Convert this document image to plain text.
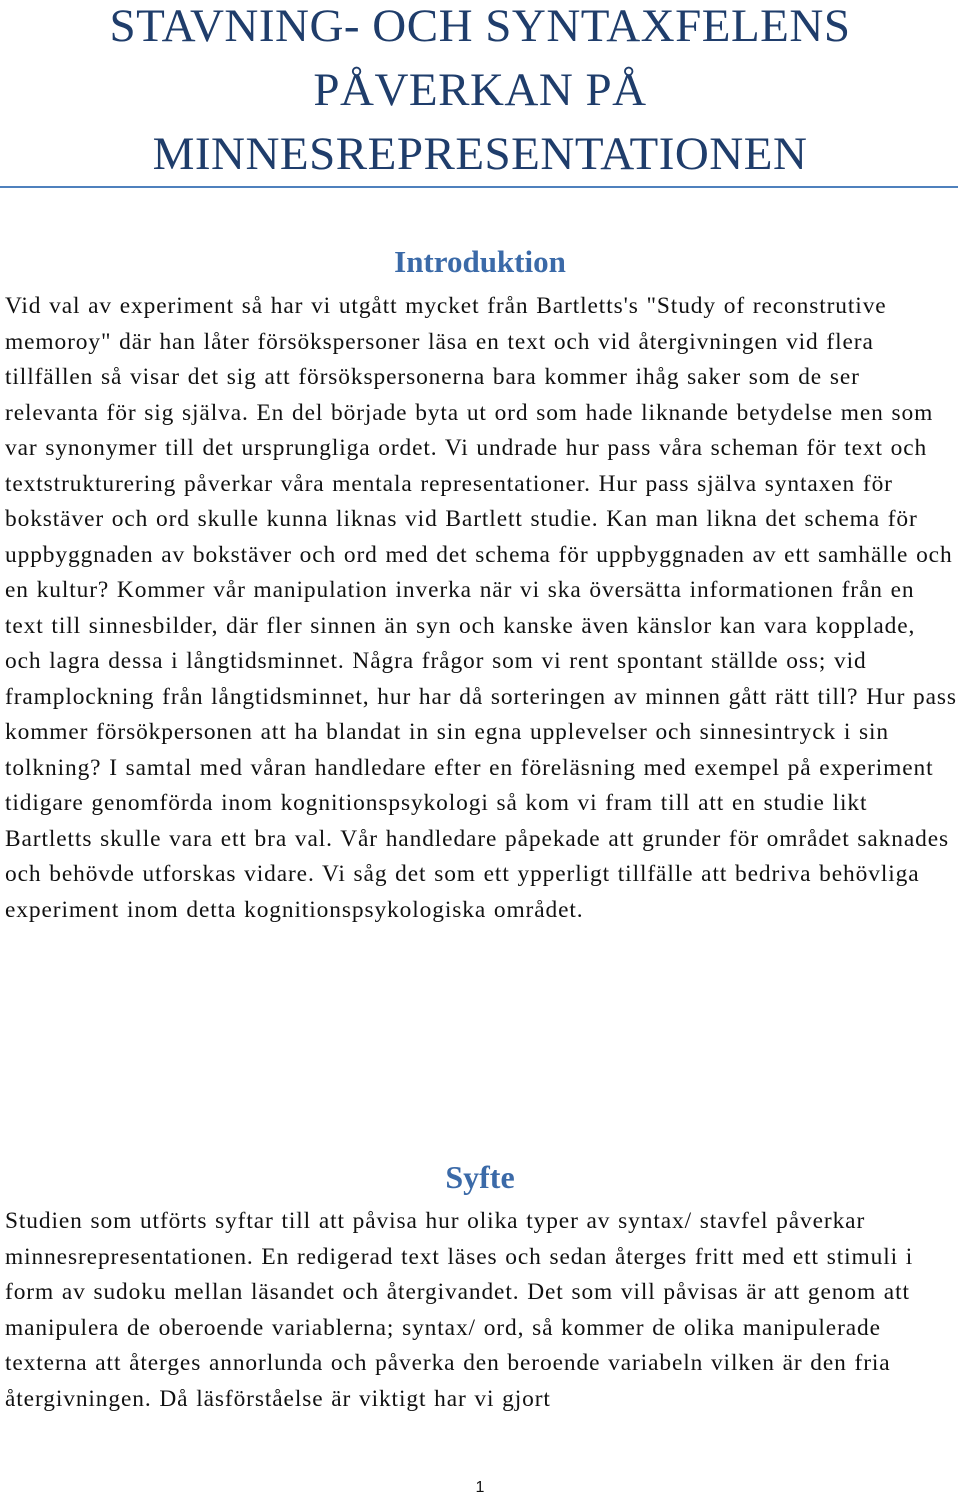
STAVNING- OCH SYNTAXFELENS PÅVERKAN PÅ MINNESREPRESENTATIONEN
Introduktion

Vid val av experiment så har vi utgått mycket från Bartletts's "Study of reconstrutive memoroy" där han låter försökspersoner läsa en text och vid återgivningen vid flera tillfällen så visar det sig att försökspersonerna bara kommer ihåg saker som de ser relevanta för sig själva. En del började byta ut ord som hade liknande betydelse men som var synonymer till det ursprungliga ordet. Vi undrade hur pass våra scheman för text och textstrukturering påverkar våra mentala representationer. Hur pass själva syntaxen för bokstäver och ord skulle kunna liknas vid Bartlett studie. Kan man likna det schema för uppbyggnaden av bokstäver och ord med det schema för uppbyggnaden av ett samhälle och en kultur? Kommer vår manipulation inverka när vi ska översätta informationen från en text till sinnesbilder, där fler sinnen än syn och kanske även känslor kan vara kopplade, och lagra dessa i långtidsminnet. Några frågor som vi rent spontant ställde oss; vid framplockning från långtidsminnet, hur har då sorteringen av minnen gått rätt till? Hur pass kommer försökpersonen att ha blandat in sin egna upplevelser och sinnesintryck i sin tolkning? I samtal med våran handledare efter en föreläsning med exempel på experiment tidigare genomförda inom kognitionspsykologi så kom vi fram till att en studie likt Bartletts skulle vara ett bra val. Vår handledare påpekade att grunder för området saknades och behövde utforskas vidare. Vi såg det som ett ypperligt tillfälle att bedriva behövliga experiment inom detta kognitionspsykologiska området.

Syfte

Studien som utförts syftar till att påvisa hur olika typer av syntax/ stavfel påverkar minnesrepresentationen. En redigerad text läses och sedan återges fritt med ett stimuli i form av sudoku mellan läsandet och återgivandet. Det som vill påvisas är att genom att manipulera de oberoende variablerna; syntax/ ord, så kommer de olika manipulerade texterna att återges annorlunda och påverka den beroende variabeln vilken är den fria återgivningen. Då läsförståelse är viktigt har vi gjort

1
